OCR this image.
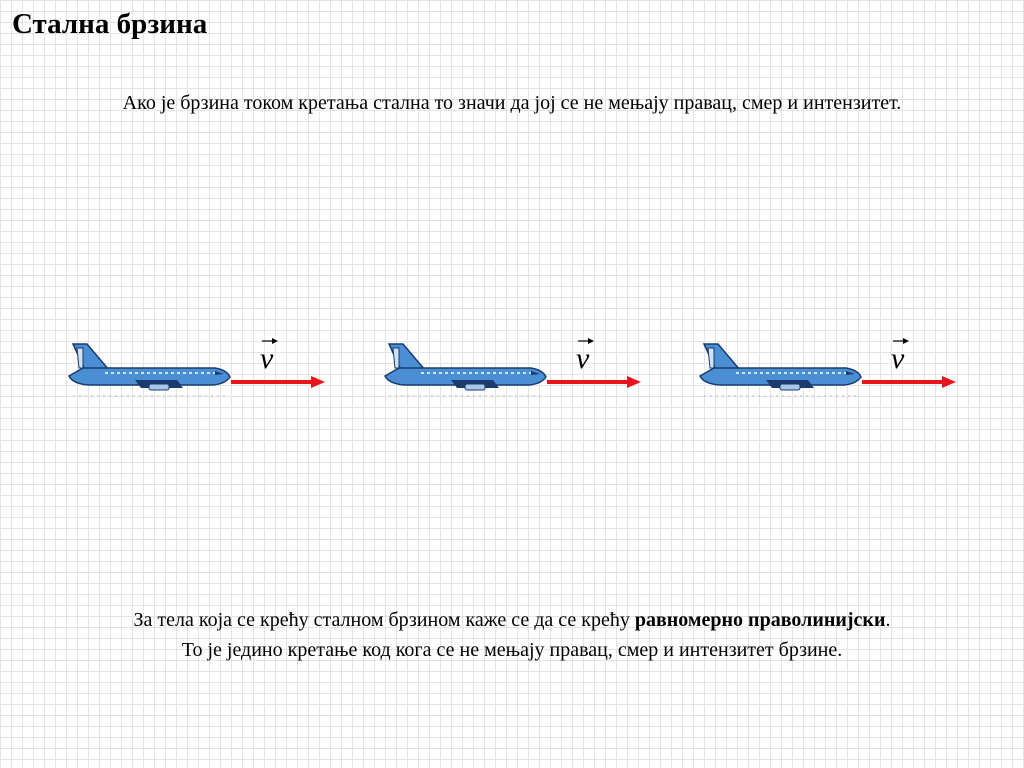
Стална брзина

Ако је брзина током кретања стална то значи да јој се не мењају правац, смер и интензитет.

v	v	v

За тела која се крећу сталном брзином каже се да се крећу равномерно праволинијски.

То је једино кретање код кога се не мењају правац, смер и интензитет брзине.
